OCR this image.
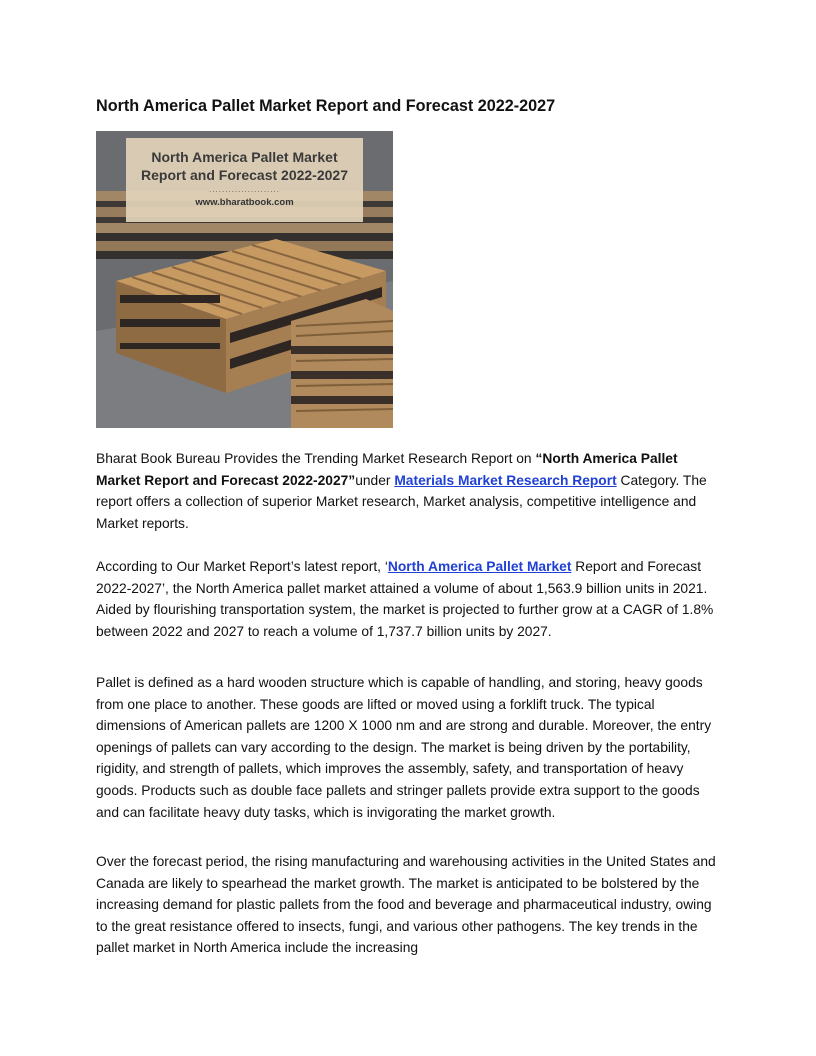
North America Pallet Market Report and Forecast 2022-2027
North America Pallet Market
Report and Forecast 2022-2027
......................
www.bharatbook.com

Bharat Book Bureau Provides the Trending Market Research Report on “North America Pallet Market Report and Forecast 2022-2027”under Materials Market Research Report Category. The report offers a collection of superior Market research, Market analysis, competitive intelligence and Market reports.

According to Our Market Report’s latest report, ‘North America Pallet Market Report and Forecast 2022-2027’, the North America pallet market attained a volume of about 1,563.9 billion units in 2021. Aided by flourishing transportation system, the market is projected to further grow at a CAGR of 1.8% between 2022 and 2027 to reach a volume of 1,737.7 billion units by 2027.

Pallet is defined as a hard wooden structure which is capable of handling, and storing, heavy goods from one place to another. These goods are lifted or moved using a forklift truck. The typical dimensions of American pallets are 1200 X 1000 nm and are strong and durable. Moreover, the entry openings of pallets can vary according to the design. The market is being driven by the portability, rigidity, and strength of pallets, which improves the assembly, safety, and transportation of heavy goods. Products such as double face pallets and stringer pallets provide extra support to the goods and can facilitate heavy duty tasks, which is invigorating the market growth.

Over the forecast period, the rising manufacturing and warehousing activities in the United States and Canada are likely to spearhead the market growth. The market is anticipated to be bolstered by the increasing demand for plastic pallets from the food and beverage and pharmaceutical industry, owing to the great resistance offered to insects, fungi, and various other pathogens. The key trends in the pallet market in North America include the increasing
